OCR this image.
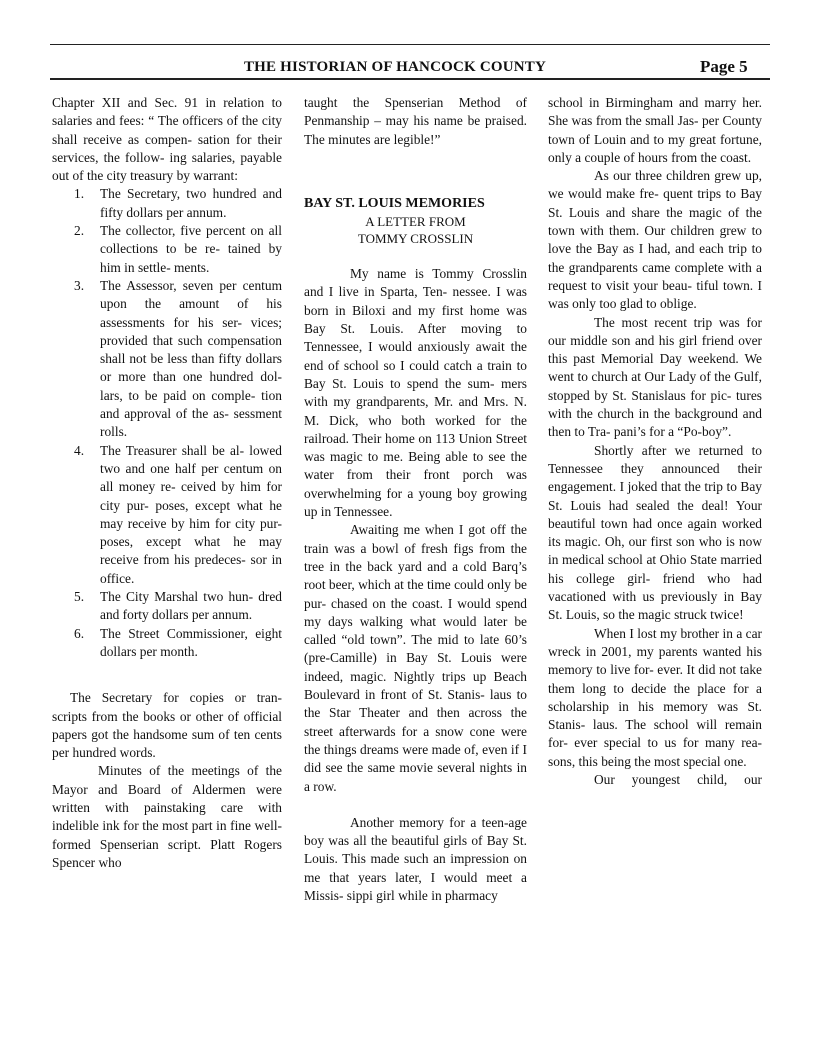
THE HISTORIAN OF HANCOCK COUNTY	Page 5

Chapter XII and Sec. 91 in relation to salaries and fees: “ The officers of the city shall receive as compen- sation for their services, the follow- ing salaries, payable out of the city treasury by warrant:

1. The Secretary, two hundred and fifty dollars per annum.
2. The collector, five percent on all collections to be re- tained by him in settle- ments.
3. The Assessor, seven per centum upon the amount of his assessments for his ser- vices; provided that such compensation shall not be less than fifty dollars or more than one hundred dol- lars, to be paid on comple- tion and approval of the as- sessment rolls.
4. The Treasurer shall be al- lowed two and one half per centum on all money re- ceived by him for city pur- poses, except what he may receive by him for city pur- poses, except what he may receive from his predeces- sor in office.
5. The City Marshal two hun- dred and forty dollars per annum.
6. The Street Commissioner, eight dollars per month.

The Secretary for copies or tran- scripts from the books or other of official papers got the handsome sum of ten cents per hundred words.

Minutes of the meetings of the Mayor and Board of Aldermen were written with painstaking care with indelible ink for the most part in fine well-formed Spenserian script. Platt Rogers Spencer who

taught the Spenserian Method of Penmanship – may his name be praised. The minutes are legible!”

BAY ST. LOUIS MEMORIES
A LETTER FROM
TOMMY CROSSLIN

My name is Tommy Crosslin and I live in Sparta, Ten- nessee. I was born in Biloxi and my first home was Bay St. Louis. After moving to Tennessee, I would anxiously await the end of school so I could catch a train to Bay St. Louis to spend the sum- mers with my grandparents, Mr. and Mrs. N. M. Dick, who both worked for the railroad. Their home on 113 Union Street was magic to me. Being able to see the water from their front porch was overwhelming for a young boy growing up in Tennessee.

Awaiting me when I got off the train was a bowl of fresh figs from the tree in the back yard and a cold Barq’s root beer, which at the time could only be pur- chased on the coast. I would spend my days walking what would later be called “old town”. The mid to late 60’s (pre-Camille) in Bay St. Louis were indeed, magic. Nightly trips up Beach Boulevard in front of St. Stanis- laus to the Star Theater and then across the street afterwards for a snow cone were the things dreams were made of, even if I did see the same movie several nights in a row.

Another memory for a teen-age boy was all the beautiful girls of Bay St. Louis. This made such an impression on me that years later, I would meet a Missis- sippi girl while in pharmacy

school in Birmingham and marry her. She was from the small Jas- per County town of Louin and to my great fortune, only a couple of hours from the coast.

As our three children grew up, we would make fre- quent trips to Bay St. Louis and share the magic of the town with them. Our children grew to love the Bay as I had, and each trip to the grandparents came complete with a request to visit your beau- tiful town. I was only too glad to oblige.

The most recent trip was for our middle son and his girl friend over this past Memorial Day weekend. We went to church at Our Lady of the Gulf, stopped by St. Stanislaus for pic- tures with the church in the background and then to Tra- pani’s for a “Po-boy”.

Shortly after we returned to Tennessee they announced their engagement. I joked that the trip to Bay St. Louis had sealed the deal! Your beautiful town had once again worked its magic. Oh, our first son who is now in medical school at Ohio State married his college girl- friend who had vacationed with us previously in Bay St. Louis, so the magic struck twice!

When I lost my brother in a car wreck in 2001, my parents wanted his memory to live for- ever. It did not take them long to decide the place for a scholarship in his memory was St. Stanis- laus. The school will remain for- ever special to us for many rea- sons, this being the most special one.

Our youngest child, our
